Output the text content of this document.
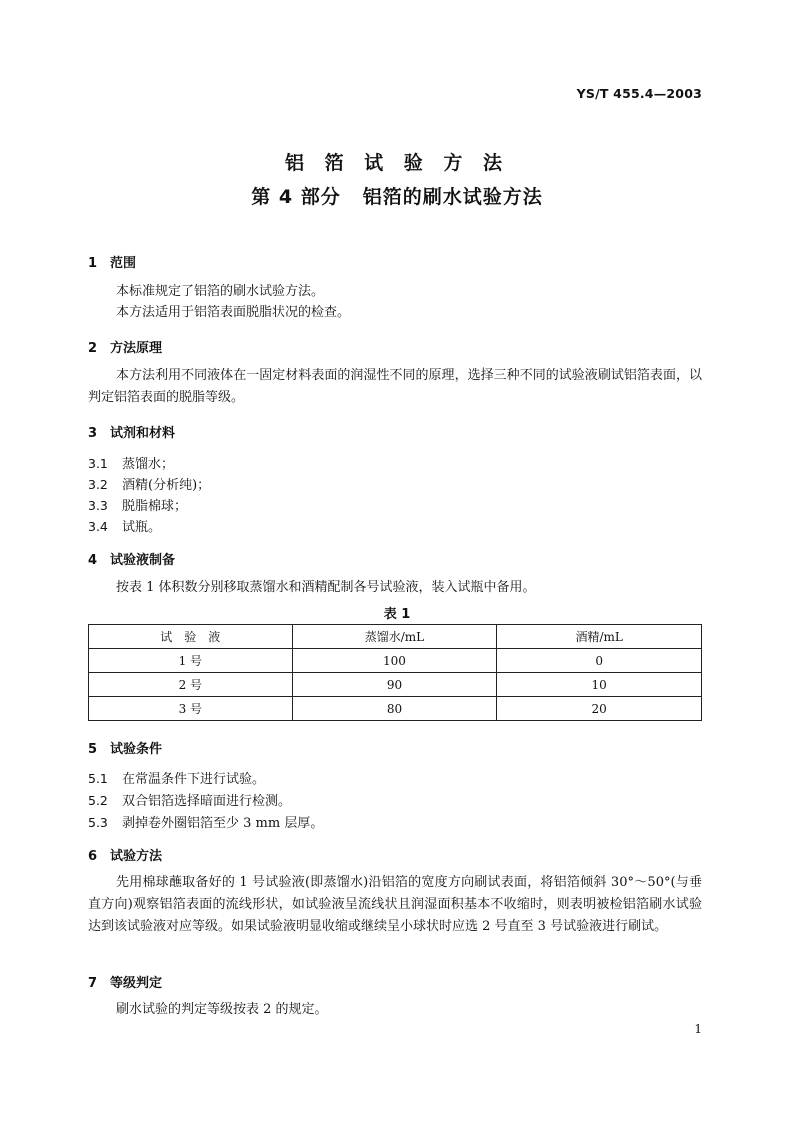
YS/T 455.4—2003
铝 箔 试 验 方 法
第 4 部分 铝箔的刷水试验方法
1 范围
本标准规定了铝箔的刷水试验方法。
本方法适用于铝箔表面脱脂状况的检查。
2 方法原理
本方法利用不同液体在一固定材料表面的润湿性不同的原理，选择三种不同的试验液刷试铝箔表面，以判定铝箔表面的脱脂等级。
3 试剂和材料
3.1 蒸馏水；
3.2 酒精(分析纯)；
3.3 脱脂棉球；
3.4 试瓶。
4 试验液制备
按表 1 体积数分别移取蒸馏水和酒精配制各号试验液，装入试瓶中备用。
表 1
试　验　液	蒸馏水/mL	酒精/mL
1 号	100	0
2 号	90	10
3 号	80	20
5 试验条件
5.1 在常温条件下进行试验。
5.2 双合铝箔选择暗面进行检测。
5.3 剥掉卷外圈铝箔至少 3 mm 层厚。
6 试验方法
先用棉球蘸取备好的 1 号试验液(即蒸馏水)沿铝箔的宽度方向刷试表面，将铝箔倾斜 30°～50°(与垂直方向)观察铝箔表面的流线形状，如试验液呈流线状且润湿面积基本不收缩时，则表明被检铝箔刷水试验达到该试验液对应等级。如果试验液明显收缩或继续呈小球状时应选 2 号直至 3 号试验液进行刷试。
7 等级判定
刷水试验的判定等级按表 2 的规定。
1
